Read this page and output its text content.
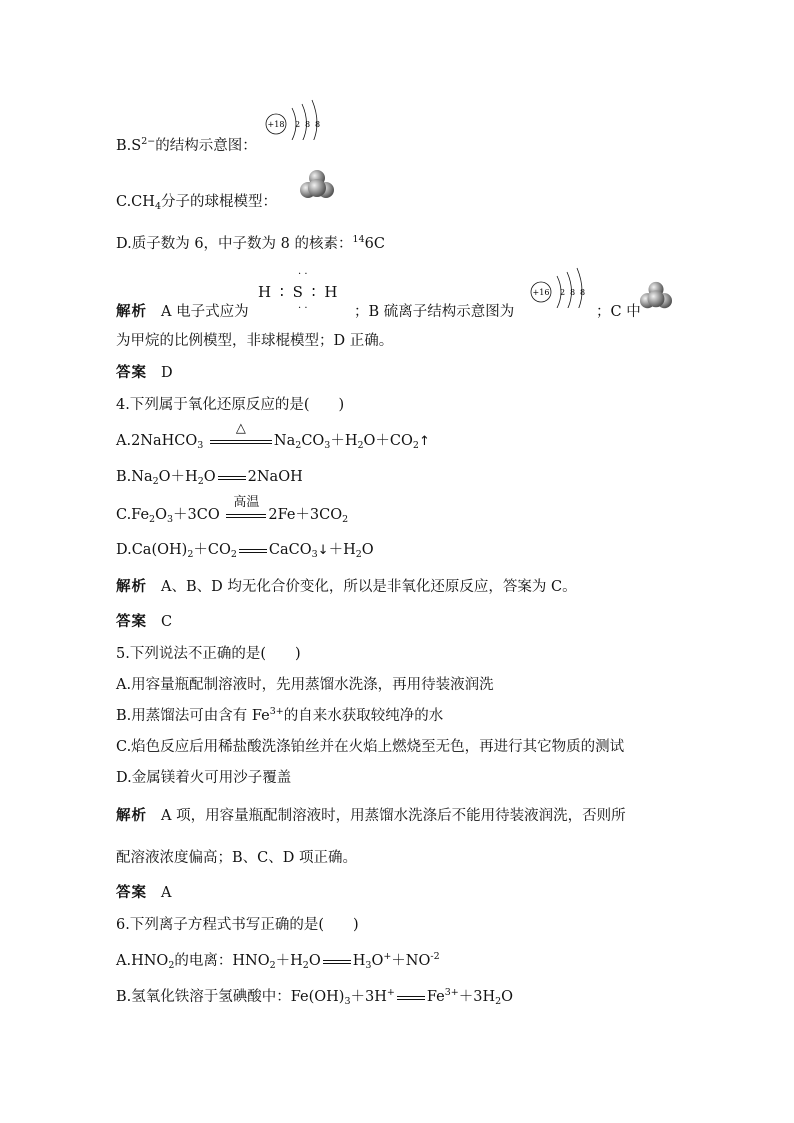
$B.S^{2-}$的结构示意图：
+18 2 8 8
$C.CH_4$分子的球棍模型：
D.质子数为 6，中子数为 8 的核素：$^{14}$6C
解析 A 电子式应为
· ·
H ∶ S ∶ H
· ·	；B 硫离子结构示意图为
+16 2 8 8
；C 中
为甲烷的比例模型，非球棍模型；D 正确。
答案 D
4.下列属于氧化还原反应的是(　　)
A.2NaHCO$_3$
△
$Na_2CO_3+H_2O+CO_2↑$
$B.Na_2O+H_2O$ 2NaOH
$C.Fe_2O_3+3CO$
高温
$2Fe+3CO_2$
$D.Ca(OH)_2+CO_2$ $CaCO_3↓+H_2O$
解析 A、B、D 均无化合价变化，所以是非氧化还原反应，答案为 C。
答案 C
5.下列说法不正确的是(　　)
A.用容量瓶配制溶液时，先用蒸馏水洗涤，再用待装液润洗
B.用蒸馏法可由含有 $Fe^{3+}$的自来水获取较纯净的水
C.焰色反应后用稀盐酸洗涤铂丝并在火焰上燃烧至无色，再进行其它物质的测试
D.金属镁着火可用沙子覆盖
解析 A 项，用容量瓶配制溶液时，用蒸馏水洗涤后不能用待装液润洗，否则所
配溶液浓度偏高；B、C、D 项正确。
答案 A
6.下列离子方程式书写正确的是(　　)
$A.HNO_2$的电离：$HNO_2+H_2O$ $H_3O^++NO^{-2}$
B.氢氧化铁溶于氢碘酸中：$Fe(OH)_3+3H^+$ $Fe^{3+}+3H_2O$
